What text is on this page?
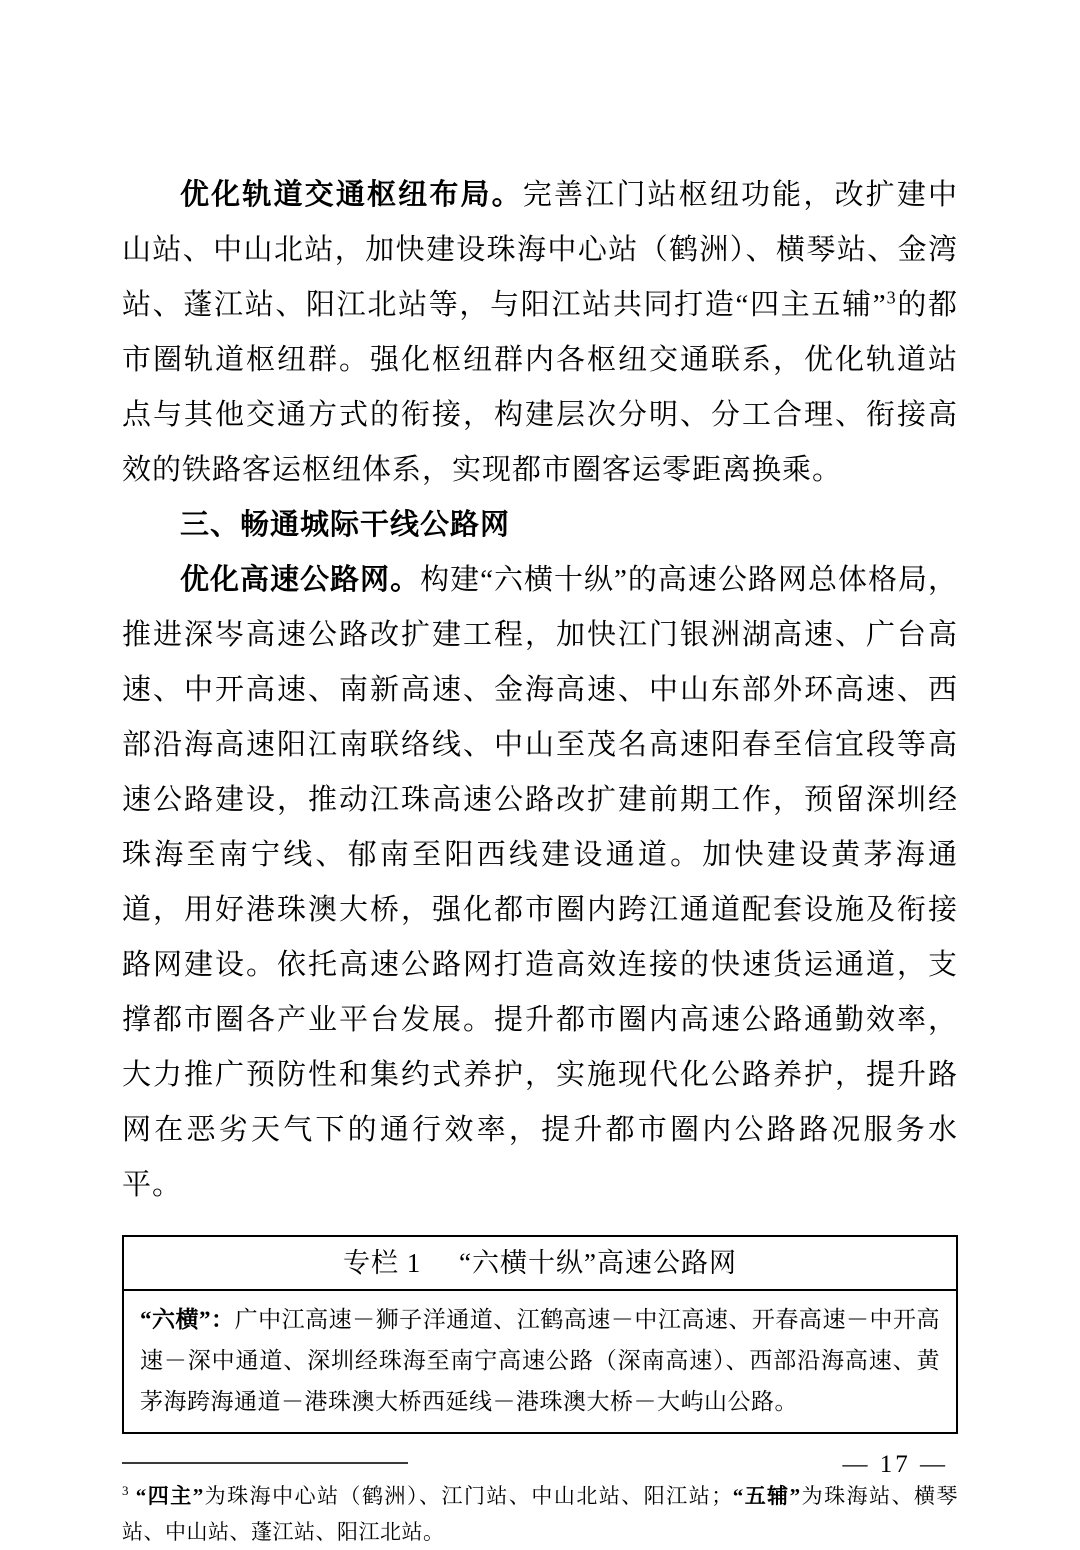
优化轨道交通枢纽布局。完善江门站枢纽功能，改扩建中山站、中山北站，加快建设珠海中心站（鹤洲）、横琴站、金湾站、蓬江站、阳江北站等，与阳江站共同打造“四主五辅”$^3$的都市圈轨道枢纽群。强化枢纽群内各枢纽交通联系，优化轨道站点与其他交通方式的衔接，构建层次分明、分工合理、衔接高效的铁路客运枢纽体系，实现都市圈客运零距离换乘。

三、畅通城际干线公路网

优化高速公路网。构建“六横十纵”的高速公路网总体格局，推进深岑高速公路改扩建工程，加快江门银洲湖高速、广台高速、中开高速、南新高速、金海高速、中山东部外环高速、西部沿海高速阳江南联络线、中山至茂名高速阳春至信宜段等高速公路建设，推动江珠高速公路改扩建前期工作，预留深圳经珠海至南宁线、郁南至阳西线建设通道。加快建设黄茅海通道，用好港珠澳大桥，强化都市圈内跨江通道配套设施及衔接路网建设。依托高速公路网打造高效连接的快速货运通道，支撑都市圈各产业平台发展。提升都市圈内高速公路通勤效率，大力推广预防性和集约式养护，实施现代化公路养护，提升路网在恶劣天气下的通行效率，提升都市圈内公路路况服务水平。

专栏 1 “六横十纵”高速公路网
“六横”：广中江高速－狮子洋通道、江鹤高速－中江高速、开春高速－中开高速－深中通道、深圳经珠海至南宁高速公路（深南高速）、西部沿海高速、黄茅海跨海通道－港珠澳大桥西延线－港珠澳大桥－大屿山公路。

$^3$ “四主”为珠海中心站（鹤洲）、江门站、中山北站、阳江站；“五辅”为珠海站、横琴站、中山站、蓬江站、阳江北站。

— 17 —
